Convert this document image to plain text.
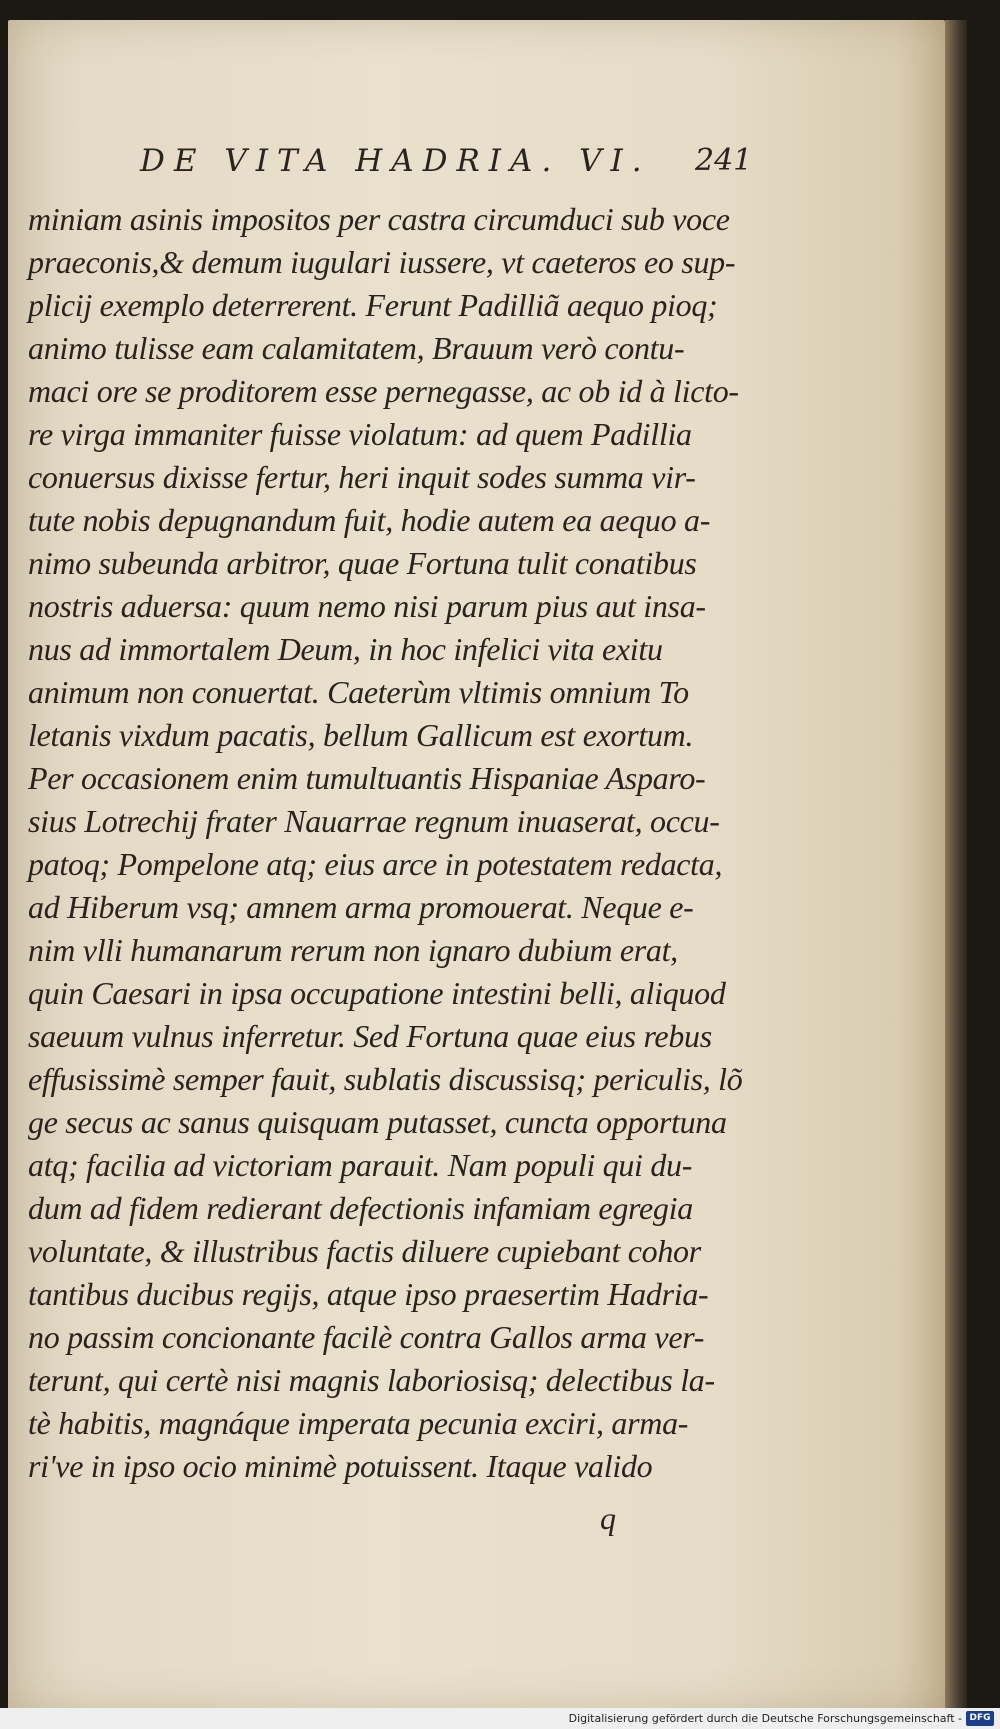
DE VITA HADRIA. VI.	241
miniam asinis impositos per castra circumduci sub voce
praeconis,& demum iugulari iussere, vt caeteros eo sup-
plicij exemplo deterrerent. Ferunt Padilliã aequo pioq;
animo tulisse eam calamitatem, Brauum verò contu-
maci ore se proditorem esse pernegasse, ac ob id à licto-
re virga immaniter fuisse violatum: ad quem Padillia
conuersus dixisse fertur, heri inquit sodes summa vir-
tute nobis depugnandum fuit, hodie autem ea aequo a-
nimo subeunda arbitror, quae Fortuna tulit conatibus
nostris aduersa: quum nemo nisi parum pius aut insa-
nus ad immortalem Deum, in hoc infelici vita exitu
animum non conuertat. Caeterùm vltimis omnium To
letanis vixdum pacatis, bellum Gallicum est exortum.
Per occasionem enim tumultuantis Hispaniae Asparo-
sius Lotrechij frater Nauarrae regnum inuaserat, occu-
patoq; Pompelone atq; eius arce in potestatem redacta,
ad Hiberum vsq; amnem arma promouerat. Neque e-
nim vlli humanarum rerum non ignaro dubium erat,
quin Caesari in ipsa occupatione intestini belli, aliquod
saeuum vulnus inferretur. Sed Fortuna quae eius rebus
effusissimè semper fauit, sublatis discussisq; periculis, lõ
ge secus ac sanus quisquam putasset, cuncta opportuna
atq; facilia ad victoriam parauit. Nam populi qui du-
dum ad fidem redierant defectionis infamiam egregia
voluntate, & illustribus factis diluere cupiebant cohor
tantibus ducibus regijs, atque ipso praesertim Hadria-
no passim concionante facilè contra Gallos arma ver-
terunt, qui certè nisi magnis laboriosisq; delectibus la-
tè habitis, magnáque imperata pecunia exciri, arma-
ri've in ipso ocio minimè potuissent. Itaque valido
q
Digitalisierung gefördert durch die Deutsche Forschungsgemeinschaft - DFG
